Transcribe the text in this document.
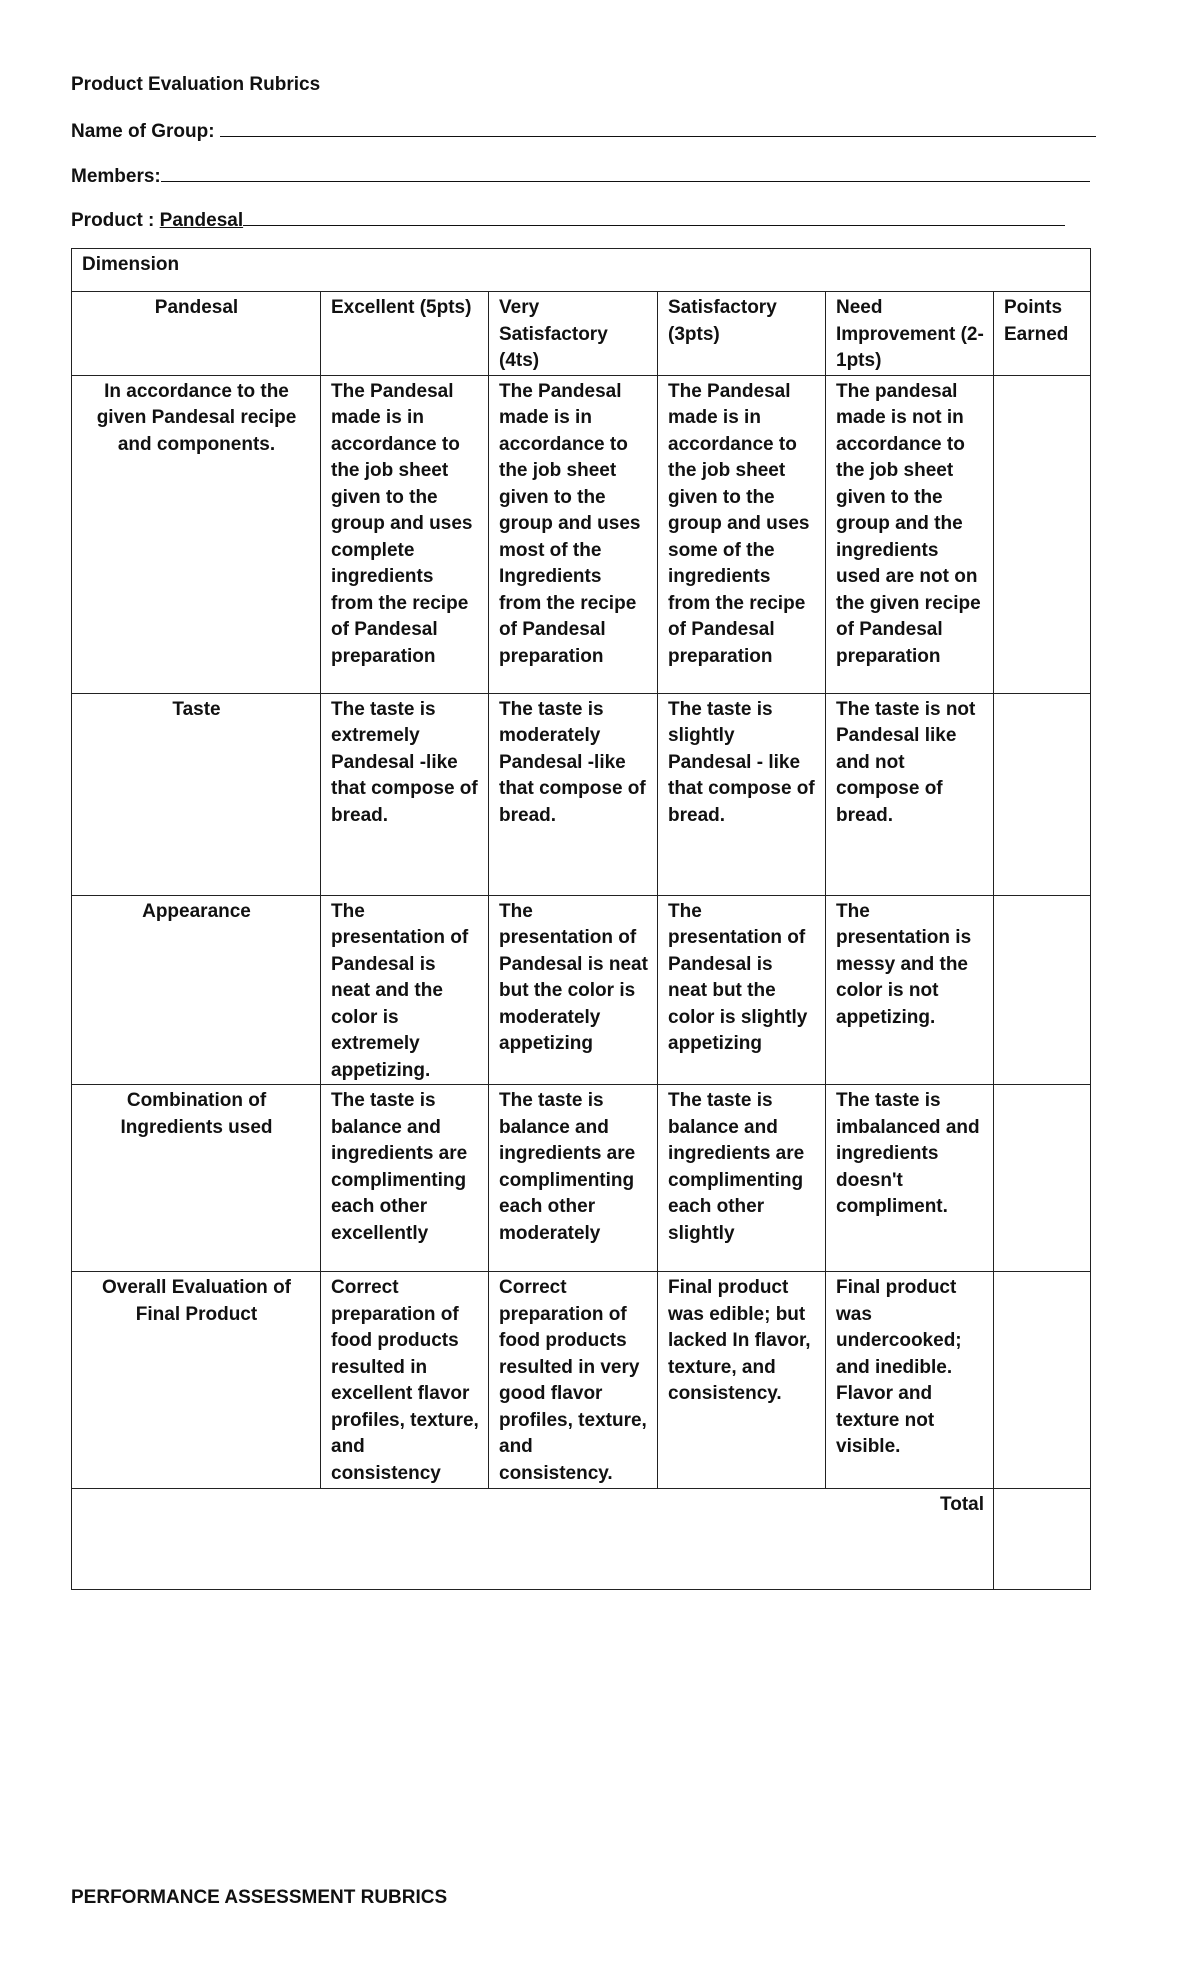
Product Evaluation Rubrics
Name of Group:
Members:
Product : Pandesal
Dimension					
Pandesal	Excellent (5pts)	Very Satisfactory (4ts)	Satisfactory (3pts)	Need Improvement (2-1pts)	Points Earned
In accordance to the given Pandesal recipe and components.	The Pandesal made is in accordance to the job sheet given to the group and uses complete ingredients from the recipe of Pandesal preparation	The Pandesal made is in accordance to the job sheet given to the group and uses most of the Ingredients from the recipe of Pandesal preparation	The Pandesal made is in accordance to the job sheet given to the group and uses some of the ingredients from the recipe of Pandesal preparation	The pandesal made is not in accordance to the job sheet given to the group and the ingredients used are not on the given recipe of Pandesal preparation	
Taste	The taste is extremely Pandesal -like that compose of bread.	The taste is moderately Pandesal -like that compose of bread.	The taste is slightly Pandesal - like that compose of bread.	The taste is not Pandesal like and not compose of bread.	
Appearance	The presentation of Pandesal is neat and the color is extremely appetizing.	The presentation of Pandesal is neat but the color is moderately appetizing	The presentation of Pandesal is neat but the color is slightly appetizing	The presentation is messy and the color is not appetizing.	
Combination of Ingredients used	The taste is balance and ingredients are complimenting each other excellently	The taste is balance and ingredients are complimenting each other moderately	The taste is balance and ingredients are complimenting each other slightly	The taste is imbalanced and ingredients doesn't compliment.	
Overall Evaluation of Final Product	Correct preparation of food products resulted in excellent flavor profiles, texture, and consistency	Correct preparation of food products resulted in very good flavor profiles, texture, and consistency.	Final product was edible; but lacked In flavor, texture, and consistency.	Final product was undercooked; and inedible. Flavor and texture not visible.	
Total					
PERFORMANCE ASSESSMENT RUBRICS
